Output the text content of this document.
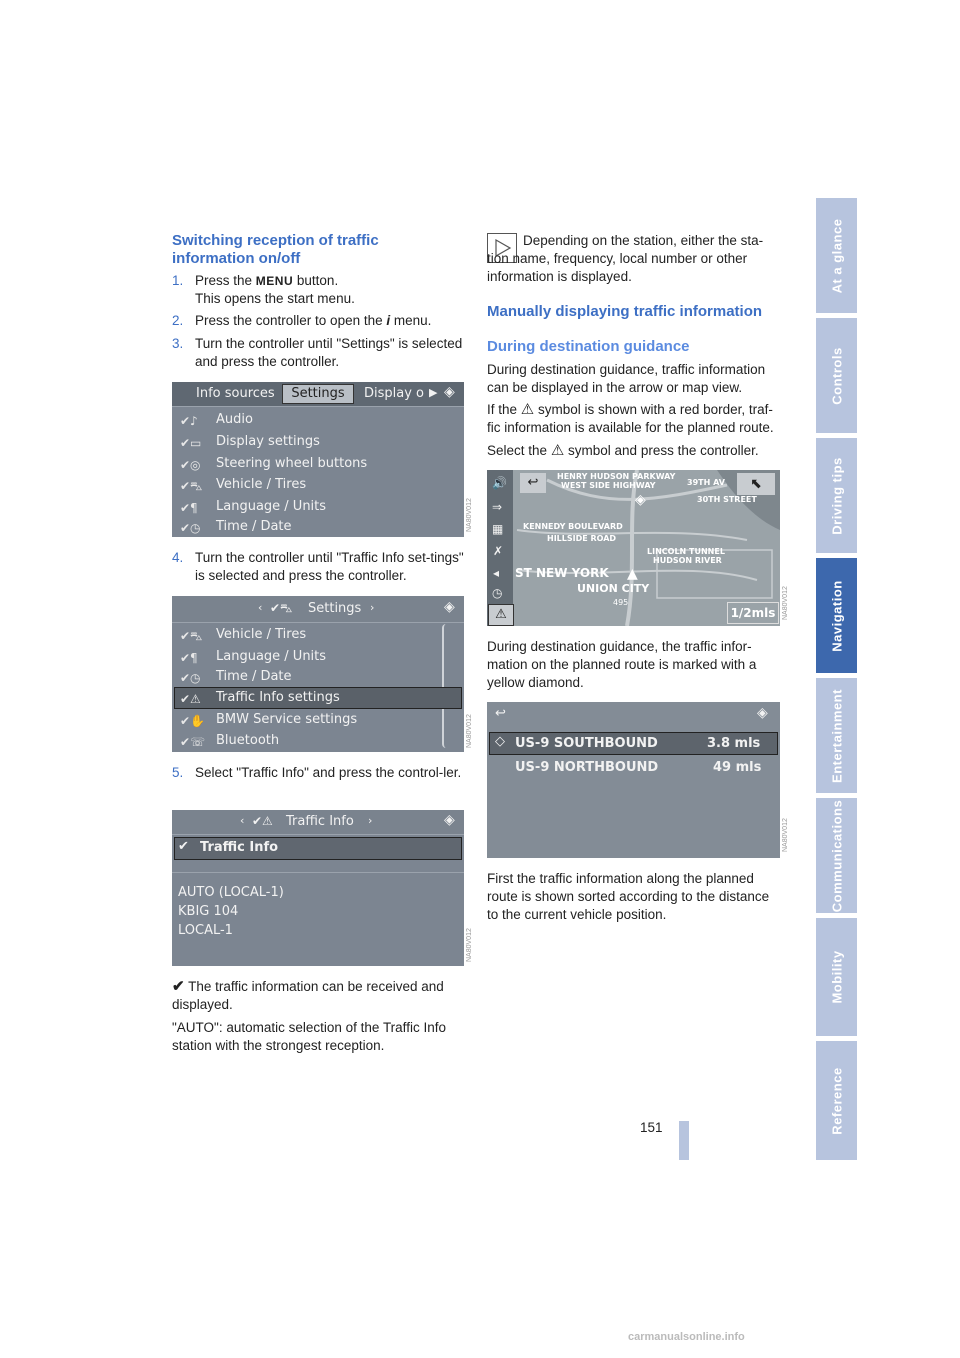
At a glance
Controls
Driving tips
Navigation
Entertainment
Communications
Mobility
Reference
Switching reception of traffic information on/off
1. Press the MENU button.
This opens the start menu.
2. Press the controller to open the i menu.
3. Turn the controller until "Settings" is selected and press the controller.
Info sources	Settings	Display o ▶ ◈
✔♪ Audio
✔▭ Display settings
✔◎ Steering wheel buttons
✔⛍ Vehicle / Tires
✔¶ Language / Units
✔◷ Time / Date	NA80V012
4. Turn the controller until "Traffic Info set-tings" is selected and press the controller.
‹ ✔⛍ Settings ›	◈
✔⛍ Vehicle / Tires
✔¶ Language / Units
✔◷ Time / Date
✔⚠ Traffic Info settings
✔✋ BMW Service settings
✔☏ Bluetooth	NA80V012
5. Select "Traffic Info" and press the control-ler.
‹ ✔⚠ Traffic Info ›	◈
✔ Traffic Info
AUTO (LOCAL-1)
KBIG 104
LOCAL-1	NA80V012
✔ The traffic information can be received and displayed.

"AUTO": automatic selection of the Traffic Info station with the strongest reception.

Depending on the station, either the sta-tion name, frequency, local number or other information is displayed.

Manually displaying traffic information
During destination guidance

During destination guidance, traffic information can be displayed in the arrow or map view.

If the ⚠ symbol is shown with a red border, traf-fic information is available for the planned route.

Select the ⚠ symbol and press the controller.

🔊
⇒
▦
✗
◂
◷
⚠
↩	⬉
HENRY HUDSON PARKWAY
WEST SIDE HIGHWAY	39TH AV
KENNEDY BOULEVARD
HILLSIDE ROAD
30TH STREET
LINCOLN TUNNEL
HUDSON RIVER
ST NEW YORK
UNION CITY
495
◈
▲
1/2mls NA80V012

During destination guidance, the traffic infor-mation on the planned route is marked with a yellow diamond.

↩	◈
◇ US-9 SOUTHBOUND	3.8 mls
US-9 NORTHBOUND	49 mls
NA80V012

First the traffic information along the planned route is shown sorted according to the distance to the current vehicle position.

151
carmanualsonline.info
